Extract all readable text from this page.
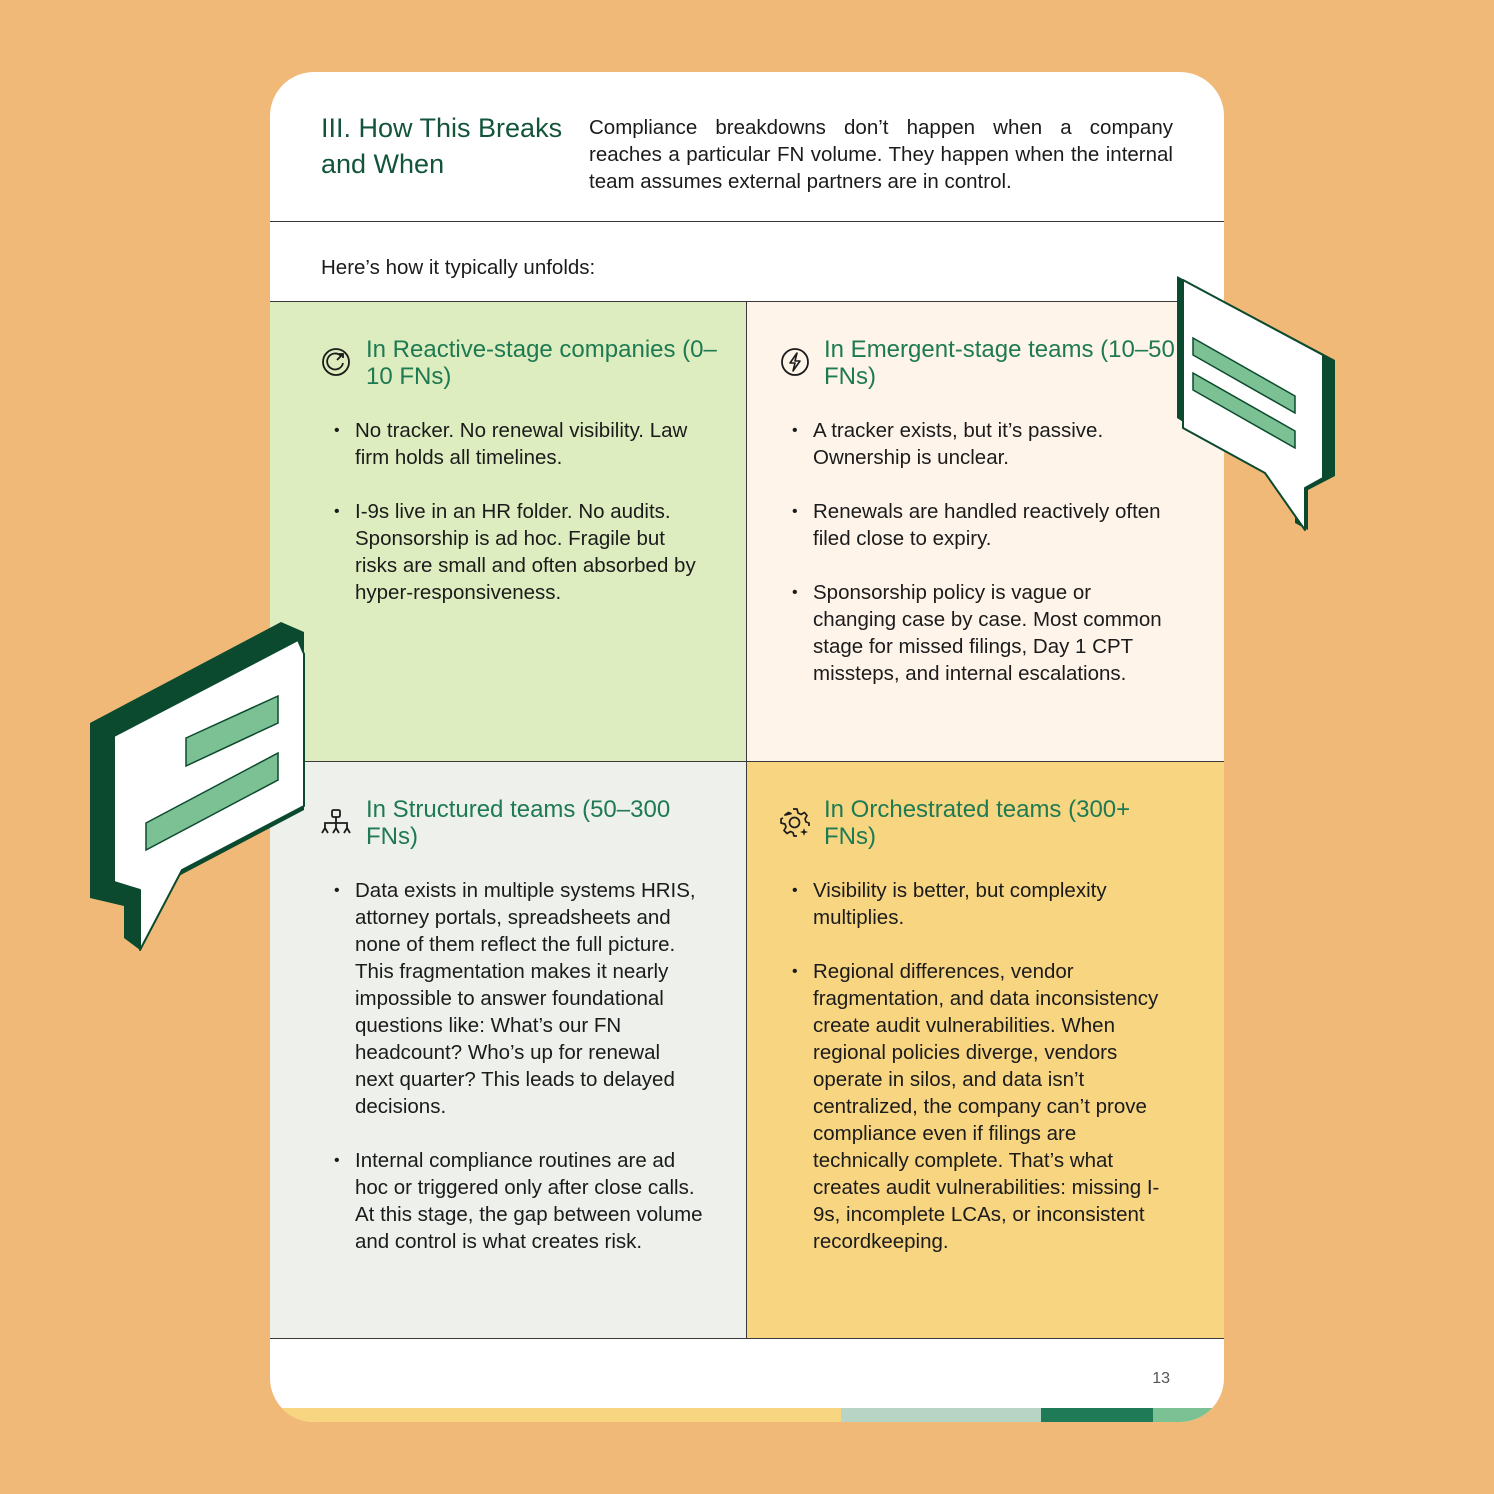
III. How This Breaks and When

Compliance breakdowns don’t happen when a company reaches a particular FN volume. They happen when the internal team assumes external partners are in control.

Here’s how it typically unfolds:

In Reactive-stage companies (0–10 FNs)
• No tracker. No renewal visibility. Law firm holds all timelines.
• I-9s live in an HR folder. No audits. Sponsorship is ad hoc. Fragile but risks are small and often absorbed by hyper-responsiveness.
In Emergent-stage teams (10–50 FNs)
• A tracker exists, but it’s passive. Ownership is unclear.
• Renewals are handled reactively often filed close to expiry.
• Sponsorship policy is vague or changing case by case. Most common stage for missed filings, Day 1 CPT missteps, and internal escalations.
In Structured teams (50–300 FNs)
• Data exists in multiple systems HRIS, attorney portals, spreadsheets and none of them reflect the full picture. This fragmentation makes it nearly impossible to answer foundational questions like: What’s our FN headcount? Who’s up for renewal next quarter? This leads to delayed decisions.
• Internal compliance routines are ad hoc or triggered only after close calls. At this stage, the gap between volume and control is what creates risk.
In Orchestrated teams (300+ FNs)
• Visibility is better, but complexity multiplies.
• Regional differences, vendor fragmentation, and data inconsistency create audit vulnerabilities. When regional policies diverge, vendors operate in silos, and data isn’t centralized, the company can’t prove compliance even if filings are technically complete. That’s what creates audit vulnerabilities: missing I-9s, incomplete LCAs, or inconsistent recordkeeping.
13
